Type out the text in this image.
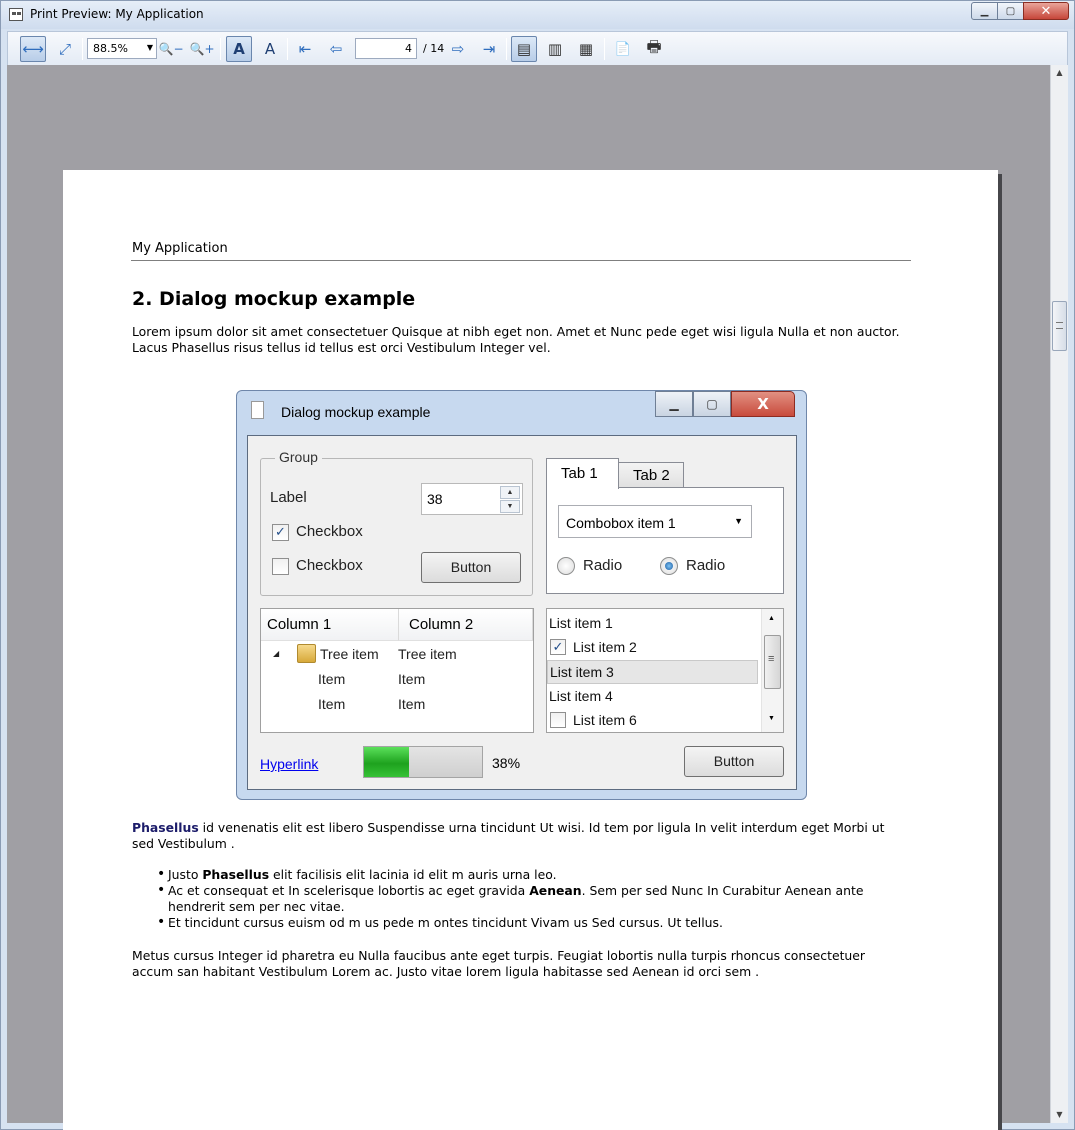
Print Preview: My Application	▁	▢	✕
⟷	⤢	88.5% ▼ 🔍− 🔍+	A	A	⇤	⇦	4	/ 14 ⇨	⇥	▤	▥	▦	📄 🖶
My Application
2. Dialog mockup example
Lorem ipsum dolor sit amet consectetuer Quisque at nibh eget non. Amet et Nunc pede eget wisi ligula Nulla et non auctor. Lacus Phasellus risus tellus id tellus est orci Vestibulum Integer vel.
Dialog mockup example	▁	▢	X
Group
Label	38	▲
▼
✓ Checkbox
Checkbox	Button
Tab 2
Combobox item 1	▼
Radio	Radio
Tab 1
Column 1	Column 2
◢	Tree item Tree item
Item	Item
Item	Item
List item 1
✓ List item 2
List item 3
List item 4
List item 6
▲
≡
▼
Hyperlink	38%	Button
Phasellus id venenatis elit est libero Suspendisse urna tincidunt Ut wisi. Id tem por ligula In velit interdum eget Morbi ut sed Vestibulum .
• Justo Phasellus elit facilisis elit lacinia id elit m auris urna leo.
• Ac et consequat et In scelerisque lobortis ac eget gravida Aenean. Sem per sed Nunc In Curabitur Aenean ante hendrerit sem per nec vitae.
• Et tincidunt cursus euism od m us pede m ontes tincidunt Vivam us Sed cursus. Ut tellus.
Metus cursus Integer id pharetra eu Nulla faucibus ante eget turpis. Feugiat lobortis nulla turpis rhoncus consectetuer accum san habitant Vestibulum Lorem ac. Justo vitae lorem ligula habitasse sed Aenean id orci sem .
▲
▼
